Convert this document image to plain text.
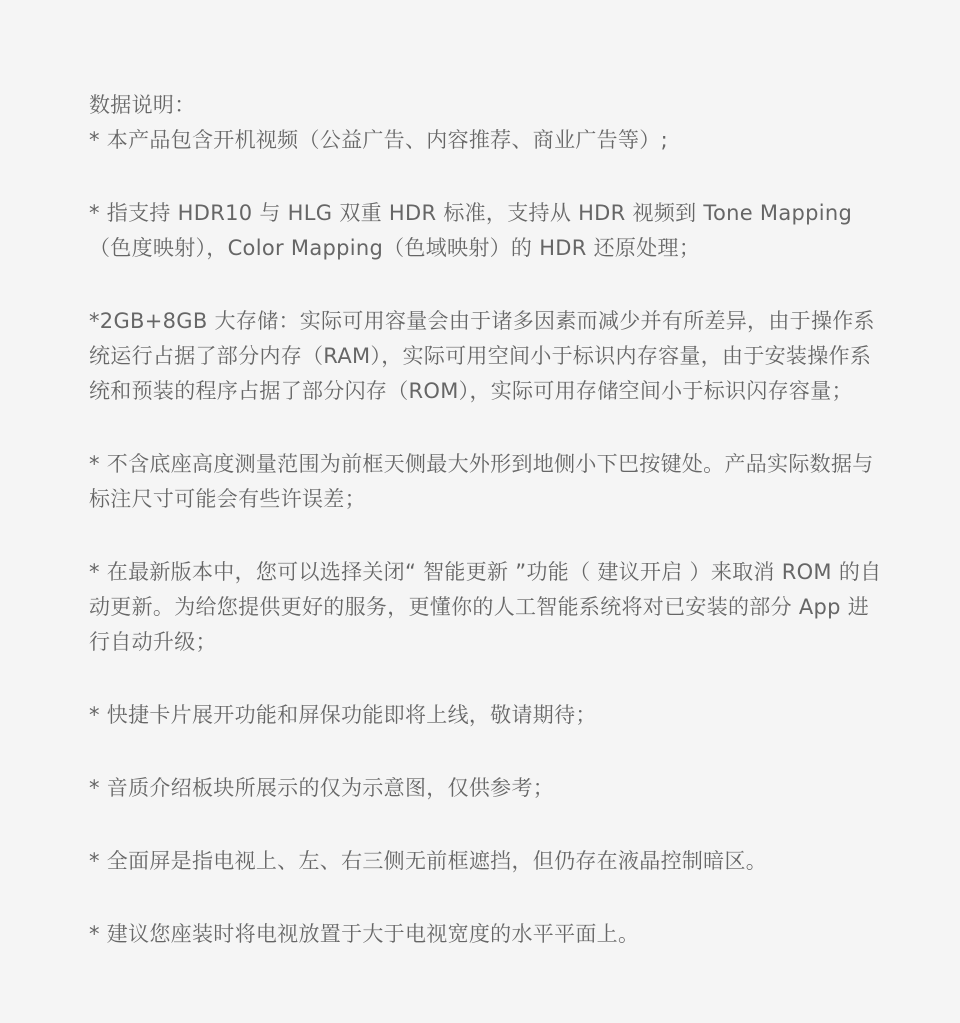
数据说明：

* 本产品包含开机视频（公益广告、内容推荐、商业广告等）;

* 指支持 HDR10 与 HLG 双重 HDR 标准，支持从 HDR 视频到 Tone Mapping（色度映射），Color Mapping（色域映射）的 HDR 还原处理；

*2GB+8GB 大存储：实际可用容量会由于诸多因素而减少并有所差异，由于操作系统运行占据了部分内存（RAM），实际可用空间小于标识内存容量，由于安装操作系统和预装的程序占据了部分闪存（ROM），实际可用存储空间小于标识闪存容量；

* 不含底座高度测量范围为前框天侧最大外形到地侧小下巴按键处。产品实际数据与标注尺寸可能会有些许误差；

* 在最新版本中，您可以选择关闭“ 智能更新 ”功能（ 建议开启 ）来取消 ROM 的自动更新。为给您提供更好的服务，更懂你的人工智能系统将对已安装的部分 App 进行自动升级；

* 快捷卡片展开功能和屏保功能即将上线，敬请期待；

* 音质介绍板块所展示的仅为示意图，仅供参考；

* 全面屏是指电视上、左、右三侧无前框遮挡，但仍存在液晶控制暗区。

* 建议您座装时将电视放置于大于电视宽度的水平平面上。
